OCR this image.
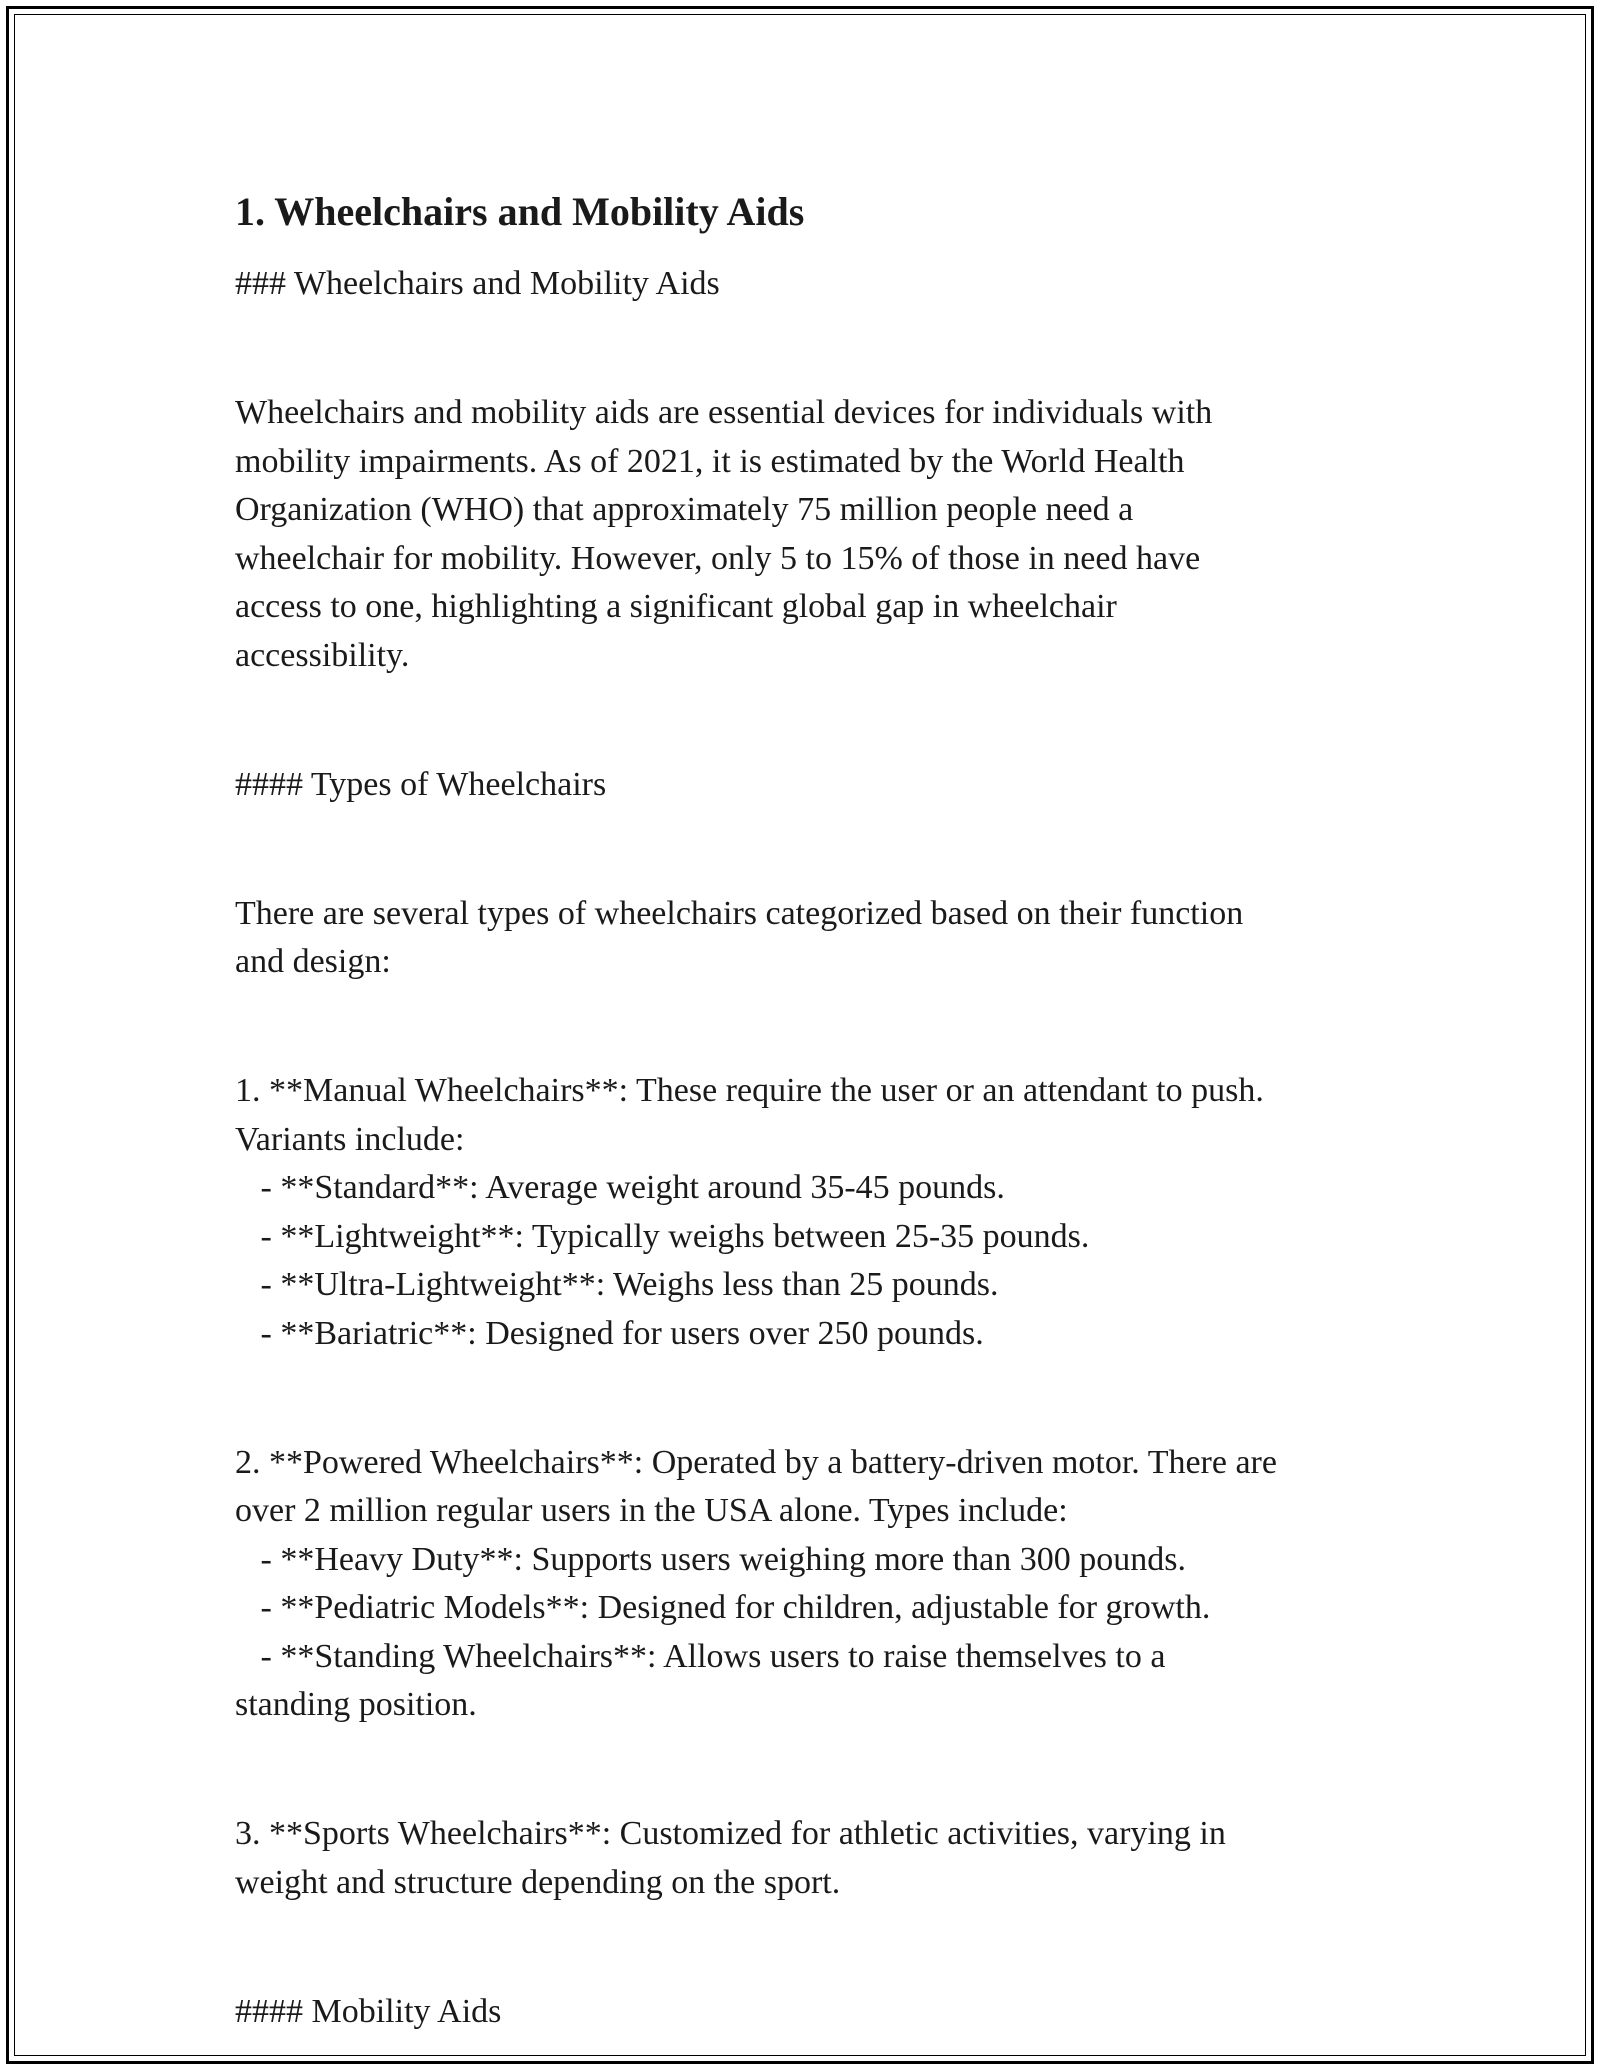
1. Wheelchairs and Mobility Aids

### Wheelchairs and Mobility Aids

Wheelchairs and mobility aids are essential devices for individuals with

mobility impairments. As of 2021, it is estimated by the World Health

Organization (WHO) that approximately 75 million people need a

wheelchair for mobility. However, only 5 to 15% of those in need have

access to one, highlighting a significant global gap in wheelchair

accessibility.

#### Types of Wheelchairs

There are several types of wheelchairs categorized based on their function

and design:

1. **Manual Wheelchairs**: These require the user or an attendant to push.

Variants include:

- **Standard**: Average weight around 35-45 pounds.

- **Lightweight**: Typically weighs between 25-35 pounds.

- **Ultra-Lightweight**: Weighs less than 25 pounds.

- **Bariatric**: Designed for users over 250 pounds.

2. **Powered Wheelchairs**: Operated by a battery-driven motor. There are

over 2 million regular users in the USA alone. Types include:

- **Heavy Duty**: Supports users weighing more than 300 pounds.

- **Pediatric Models**: Designed for children, adjustable for growth.

- **Standing Wheelchairs**: Allows users to raise themselves to a

standing position.

3. **Sports Wheelchairs**: Customized for athletic activities, varying in

weight and structure depending on the sport.

#### Mobility Aids
